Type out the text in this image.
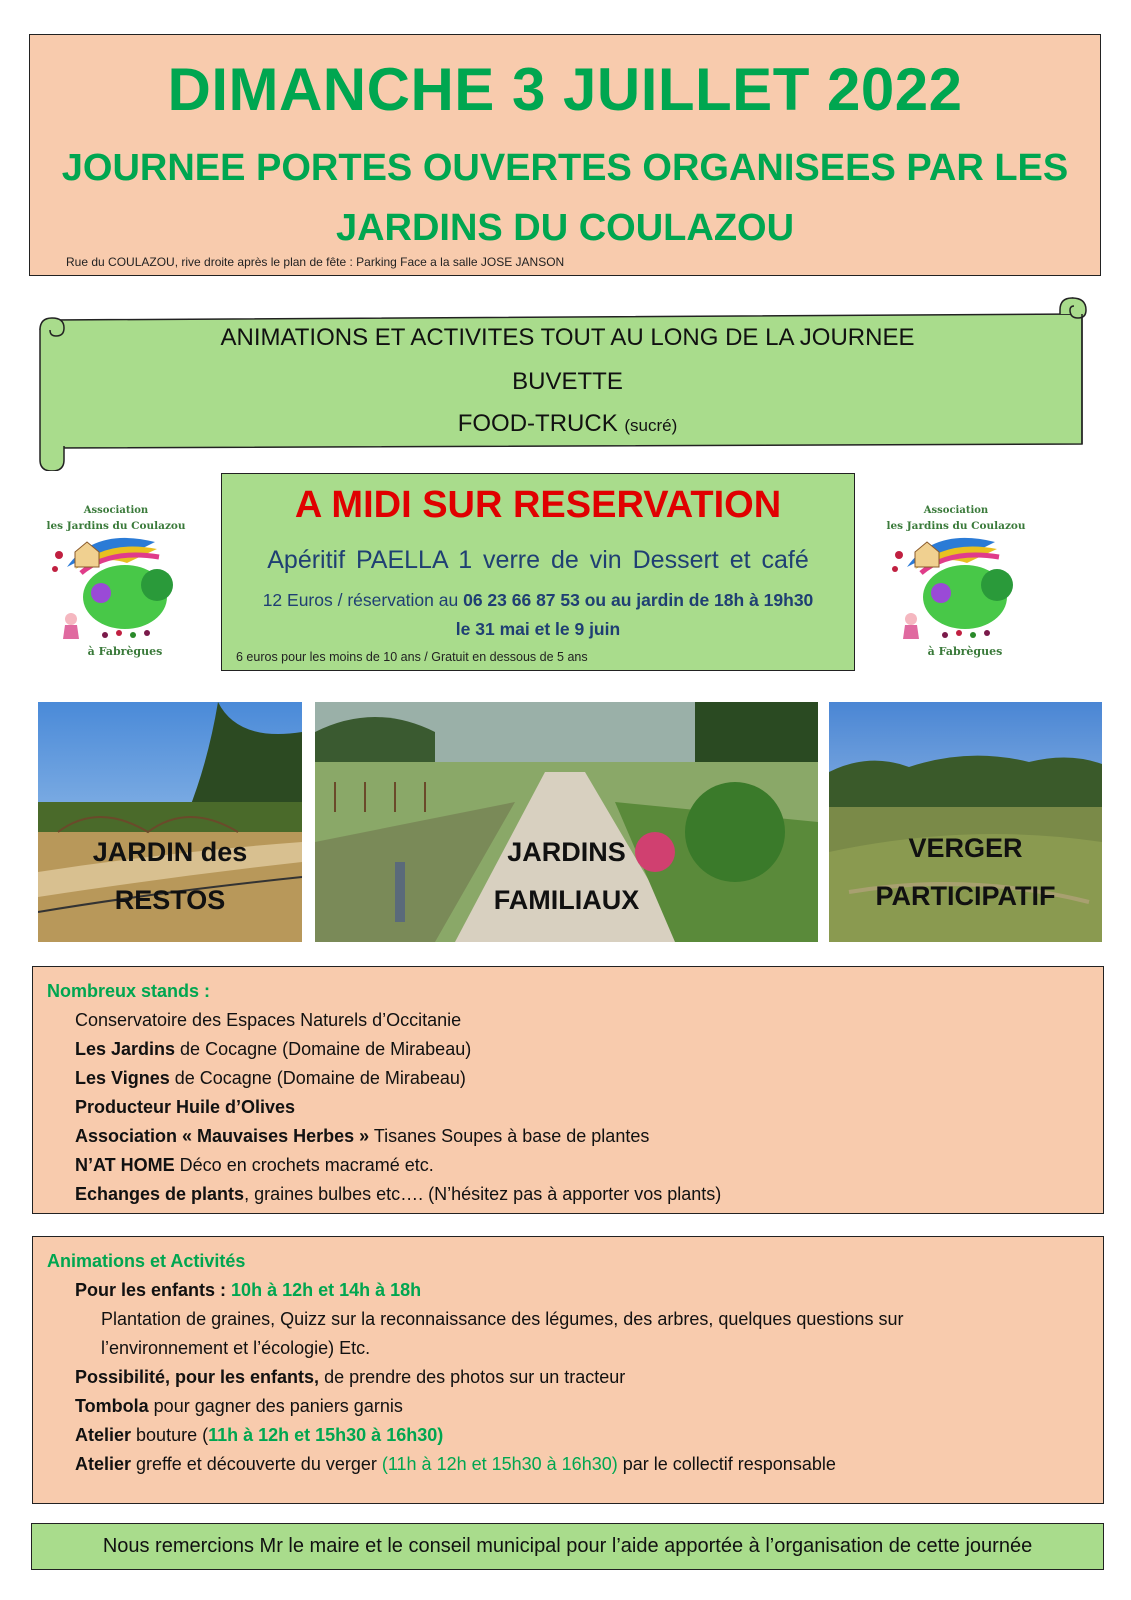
DIMANCHE 3 JUILLET 2022
JOURNEE PORTES OUVERTES ORGANISEES PAR LES
JARDINS DU COULAZOU
Rue du COULAZOU, rive droite après le plan de fête : Parking Face a la salle JOSE JANSON
ANIMATIONS ET ACTIVITES TOUT AU LONG DE LA JOURNEE
BUVETTE
FOOD-TRUCK (sucré)
Association
les Jardins du Coulazou
à Fabrègues
A MIDI SUR RESERVATION
Apéritif PAELLA 1 verre de vin Dessert et café
12 Euros / réservation au 06 23 66 87 53 ou au jardin de 18h à 19h30
le 31 mai et le 9 juin
6 euros pour les moins de 10 ans / Gratuit en dessous de 5 ans
Association
les Jardins du Coulazou
à Fabrègues
JARDIN des
RESTOS
JARDINS
FAMILIAUX
VERGER
PARTICIPATIF
Nombreux stands :
Conservatoire des Espaces Naturels d’Occitanie
Les Jardins de Cocagne (Domaine de Mirabeau)
Les Vignes de Cocagne (Domaine de Mirabeau)
Producteur Huile d’Olives
Association « Mauvaises Herbes » Tisanes Soupes à base de plantes
N’AT HOME Déco en crochets macramé etc.
Echanges de plants, graines bulbes etc…. (N’hésitez pas à apporter vos plants)
Animations et Activités
Pour les enfants : 10h à 12h et 14h à 18h
Plantation de graines, Quizz sur la reconnaissance des légumes, des arbres, quelques questions sur
l’environnement et l’écologie) Etc.
Possibilité, pour les enfants, de prendre des photos sur un tracteur
Tombola pour gagner des paniers garnis
Atelier bouture (11h à 12h et 15h30 à 16h30)
Atelier greffe et découverte du verger (11h à 12h et 15h30 à 16h30) par le collectif responsable
Nous remercions Mr le maire et le conseil municipal pour l’aide apportée à l’organisation de cette journée
